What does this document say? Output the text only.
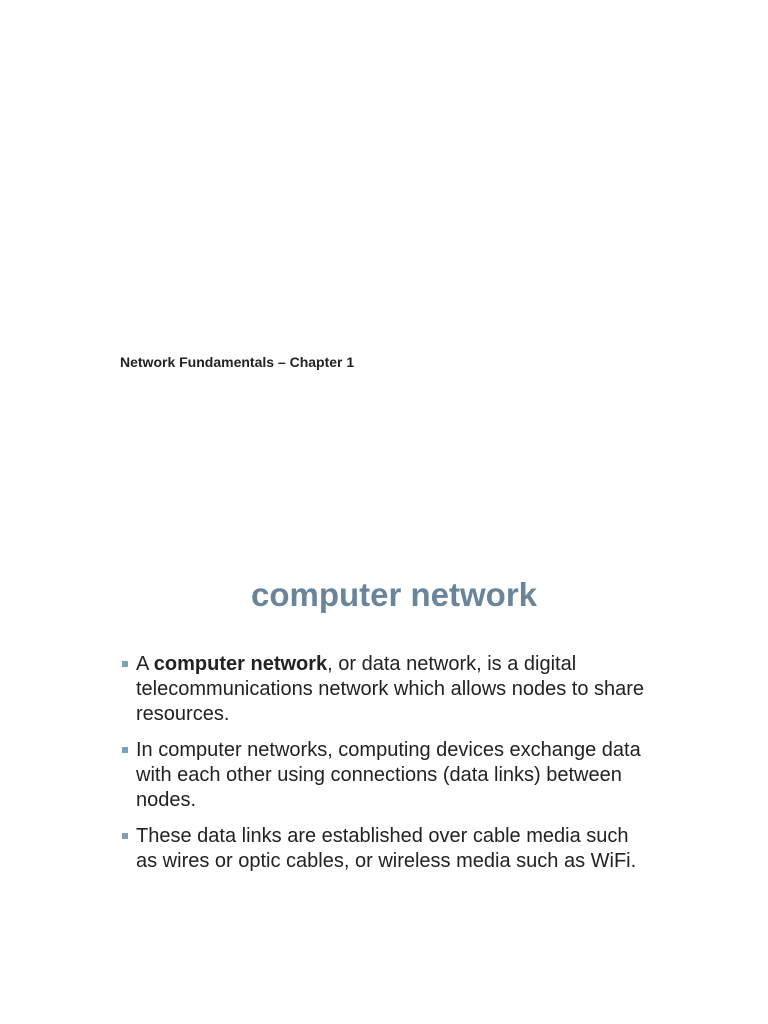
Network Fundamentals – Chapter 1
computer network
A computer network, or data network, is a digital telecommunications network which allows nodes to share resources.
In computer networks, computing devices exchange data with each other using connections (data links) between nodes.
These data links are established over cable media such as wires or optic cables, or wireless media such as WiFi.
